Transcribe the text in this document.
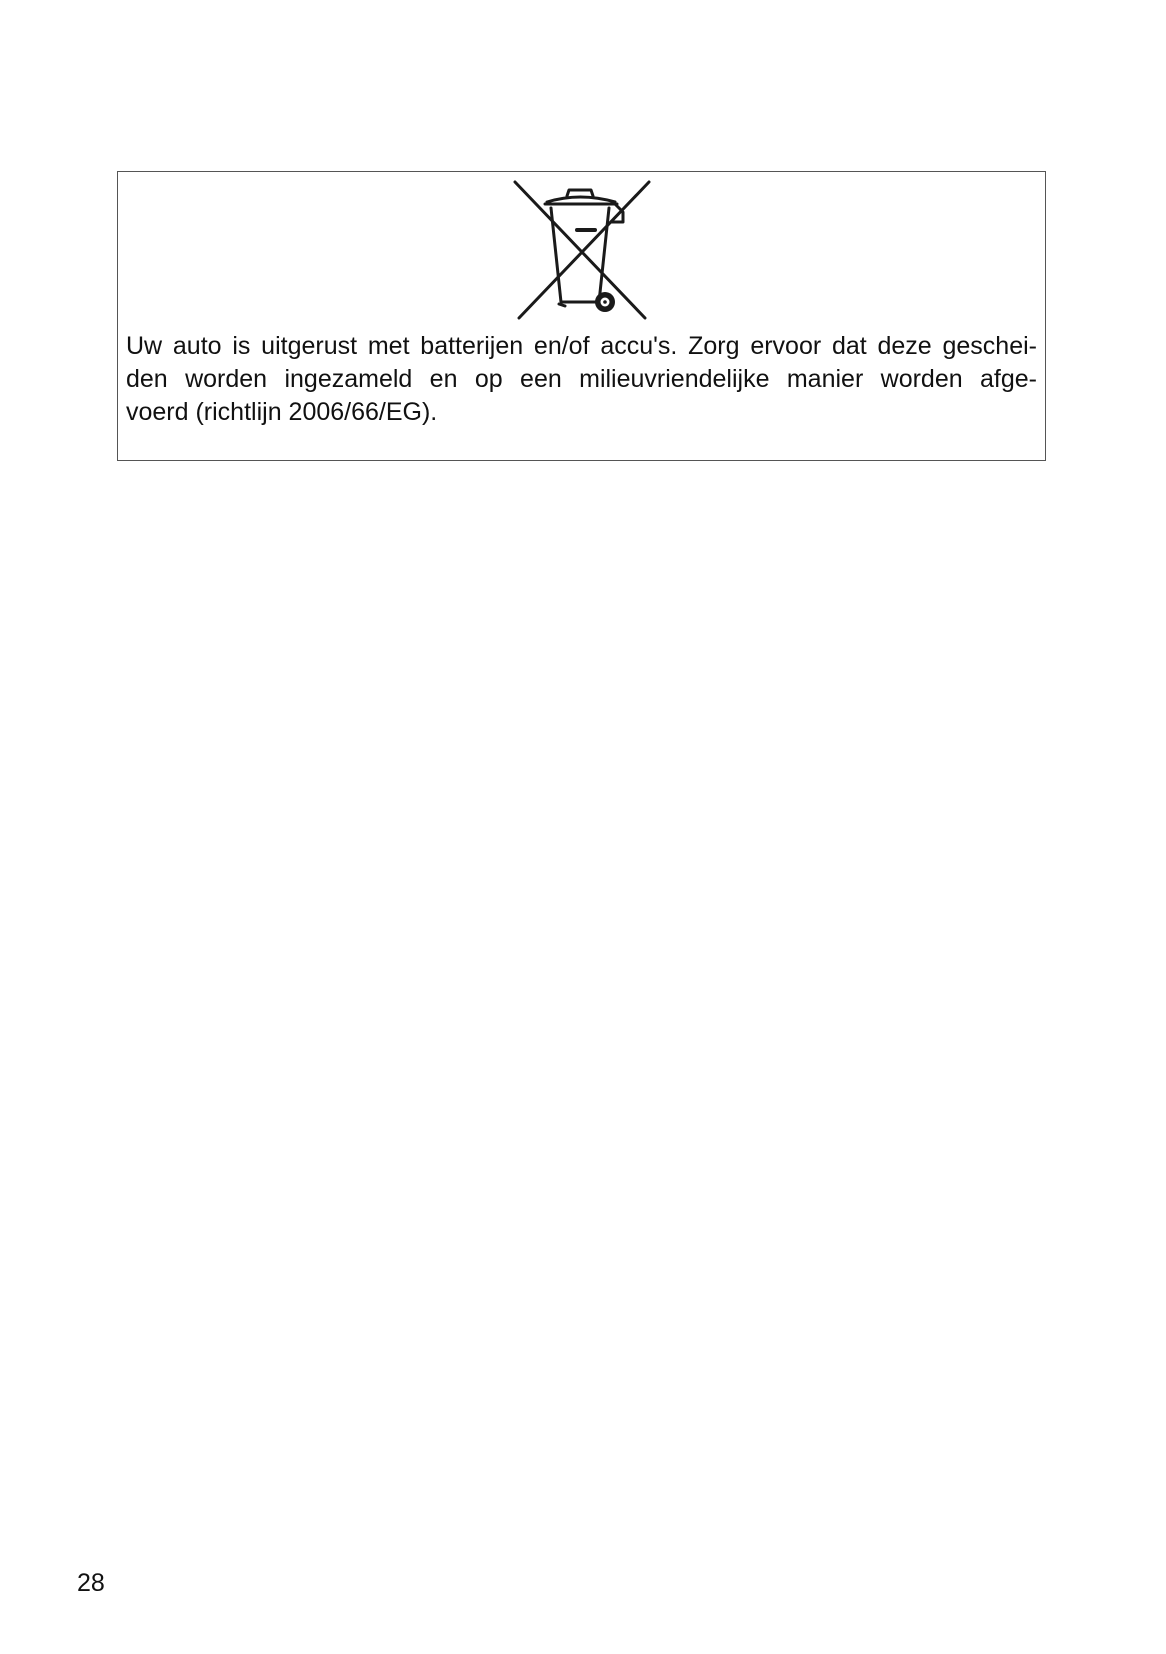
Uw auto is uitgerust met batterijen en/of accu's. Zorg ervoor dat deze geschei-
den worden ingezameld en op een milieuvriendelijke manier worden afge-
voerd (richtlijn 2006/66/EG).

28
